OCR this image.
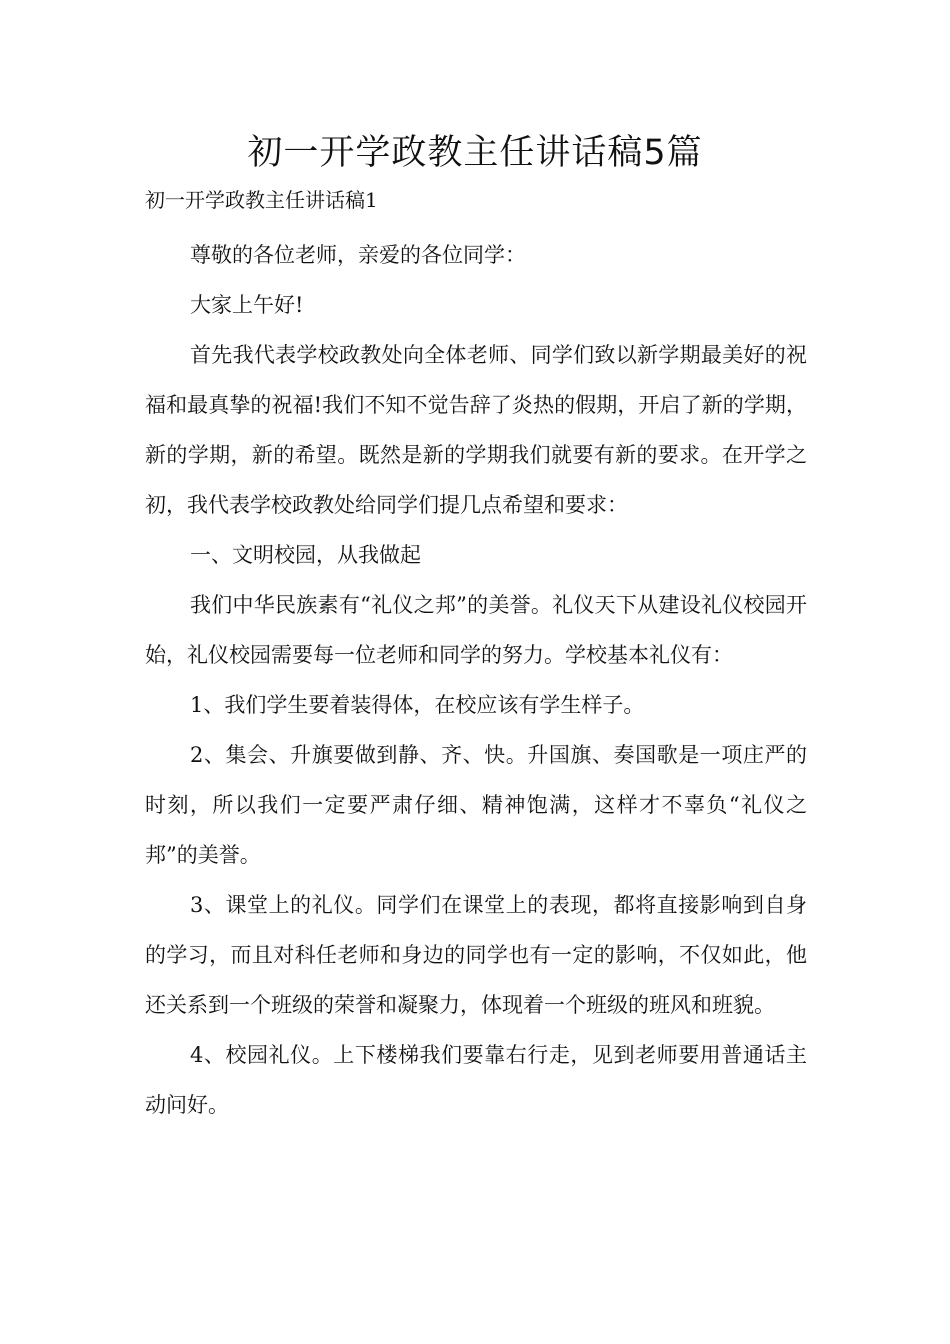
初一开学政教主任讲话稿5篇
初一开学政教主任讲话稿1

尊敬的各位老师，亲爱的各位同学：

大家上午好!

首先我代表学校政教处向全体老师、同学们致以新学期最美好的祝福和最真挚的祝福!我们不知不觉告辞了炎热的假期，开启了新的学期，新的学期，新的希望。既然是新的学期我们就要有新的要求。在开学之初，我代表学校政教处给同学们提几点希望和要求：

一、文明校园，从我做起

我们中华民族素有“礼仪之邦”的美誉。礼仪天下从建设礼仪校园开始，礼仪校园需要每一位老师和同学的努力。学校基本礼仪有：

1、我们学生要着装得体，在校应该有学生样子。

2、集会、升旗要做到静、齐、快。升国旗、奏国歌是一项庄严的时刻，所以我们一定要严肃仔细、精神饱满，这样才不辜负“礼仪之邦”的美誉。

3、课堂上的礼仪。同学们在课堂上的表现，都将直接影响到自身的学习，而且对科任老师和身边的同学也有一定的影响，不仅如此，他还关系到一个班级的荣誉和凝聚力，体现着一个班级的班风和班貌。

4、校园礼仪。上下楼梯我们要靠右行走，见到老师要用普通话主动问好。
